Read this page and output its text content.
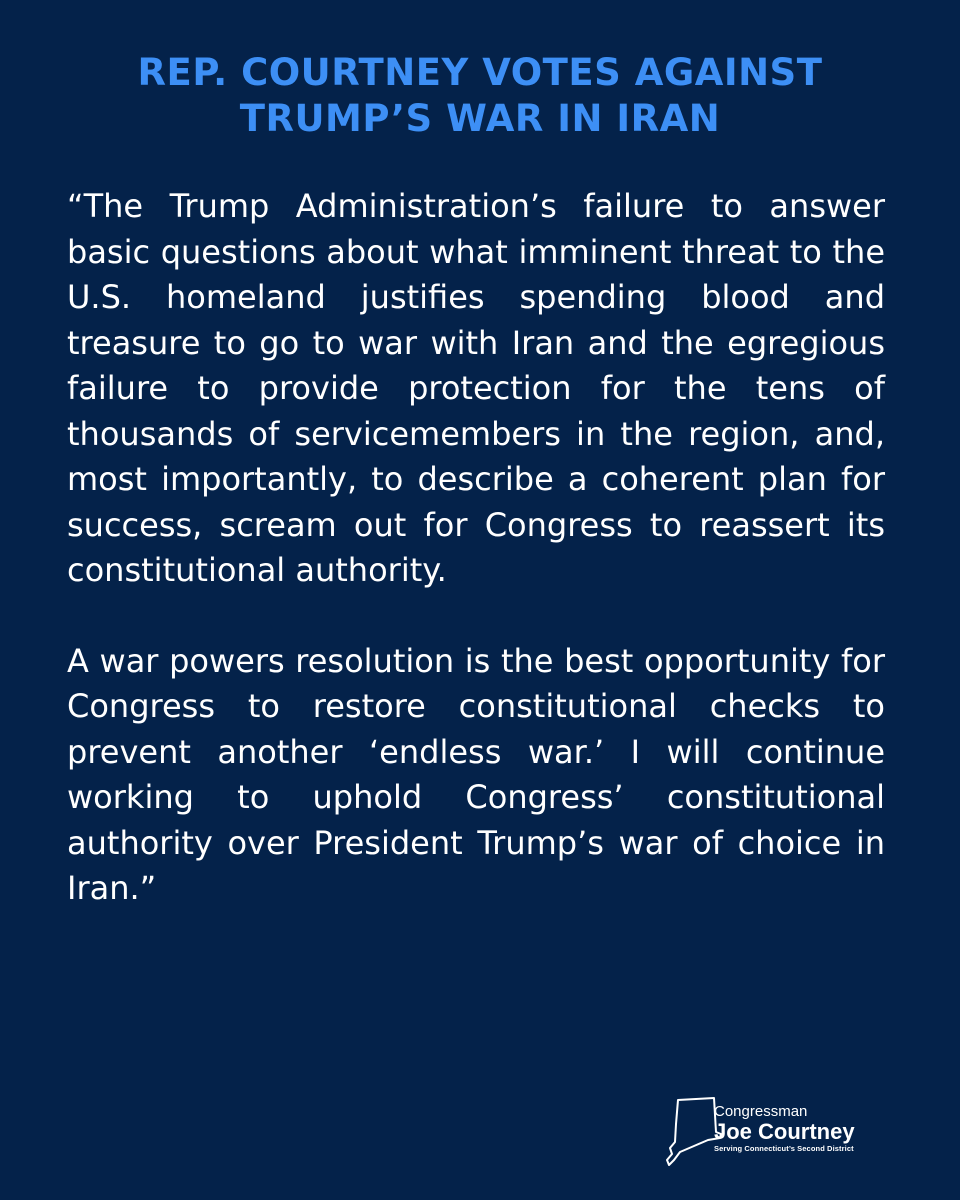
REP. COURTNEY VOTES AGAINST
TRUMP’S WAR IN IRAN

“The Trump Administration’s failure to answer basic questions about what imminent threat to the U.S. homeland justifies spending blood and treasure to go to war with Iran and the egregious failure to provide protection for the tens of thousands of servicemembers in the region, and, most importantly, to describe a coherent plan for success, scream out for Congress to reassert its constitutional authority.

A war powers resolution is the best opportunity for Congress to restore constitutional checks to prevent another ‘endless war.’ I will continue working to uphold Congress’ constitutional authority over President Trump’s war of choice in Iran.”

Congressman
Joe Courtney
Serving Connecticut’s Second District
